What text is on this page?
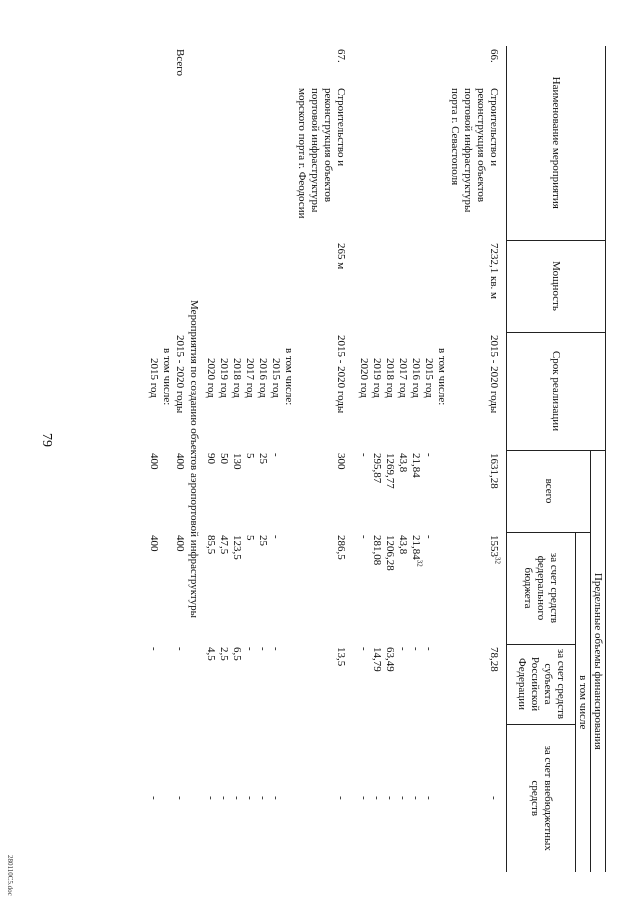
79
Наименование мероприятия		Мощность	Срок реализации	Предельные объемы финансирования			
				всего	в том числе		
					за счет средств федерального бюджета	за счет средств субъекта Российской Федерации	за счет внебюджетных средств
66.	Строительство и реконструкция объектов портовой инфраструктуры порта г. Севастополя	7232,1 кв. м	2015 - 2020 годы	1631,28	1553$^{32}$	78,28	-
			в том числе:				
			2015 год	-	-	-	-
			2016 год	21,84	21,84$^{32}$	-	-
			2017 год	43,8	43,8	-	-
			2018 год	1269,77	1206,28	63,49	-
			2019 год	295,87	281,08	14,79	-
			2020 год	-	-	-	-

67.	Строительство и реконструкция объектов портовой инфраструктуры морского порта г. Феодосии	265 м	2015 - 2020 годы	300	286,5	13,5	-
			в том числе:				
			2015 год	-	-	-	-
			2016 год	25	25	-	-
			2017 год	5	5	-	-
			2018 год	130	123,5	6,5	-
			2019 год	50	47,5	2,5	-
			2020 год	90	85,5	4,5	-
Мероприятия по созданию объектов аэропортовой инфраструктуры							
Всего			2015 - 2020 годы	400	400	-	-
			в том числе:				
			2015 год	400	400	-	-
280110C5.doc
